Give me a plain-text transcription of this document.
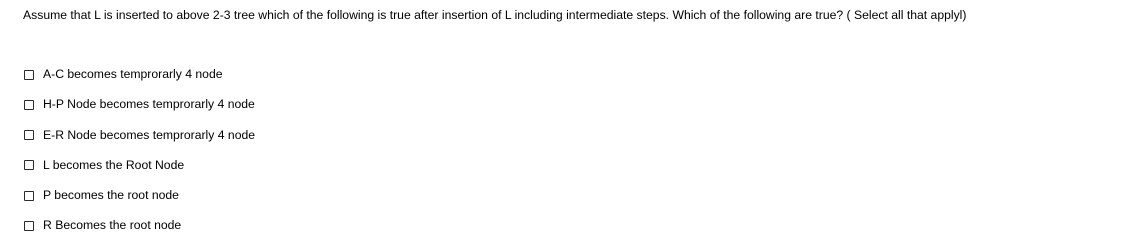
Assume that L is inserted to above 2-3 tree which of the following is true after insertion of L including intermediate steps. Which of the following are true? ( Select all that applyl)
A-C becomes temprorarly 4 node
H-P Node becomes temprorarly 4 node
E-R Node becomes temprorarly 4 node
L becomes the Root Node
P becomes the root node
R Becomes the root node
